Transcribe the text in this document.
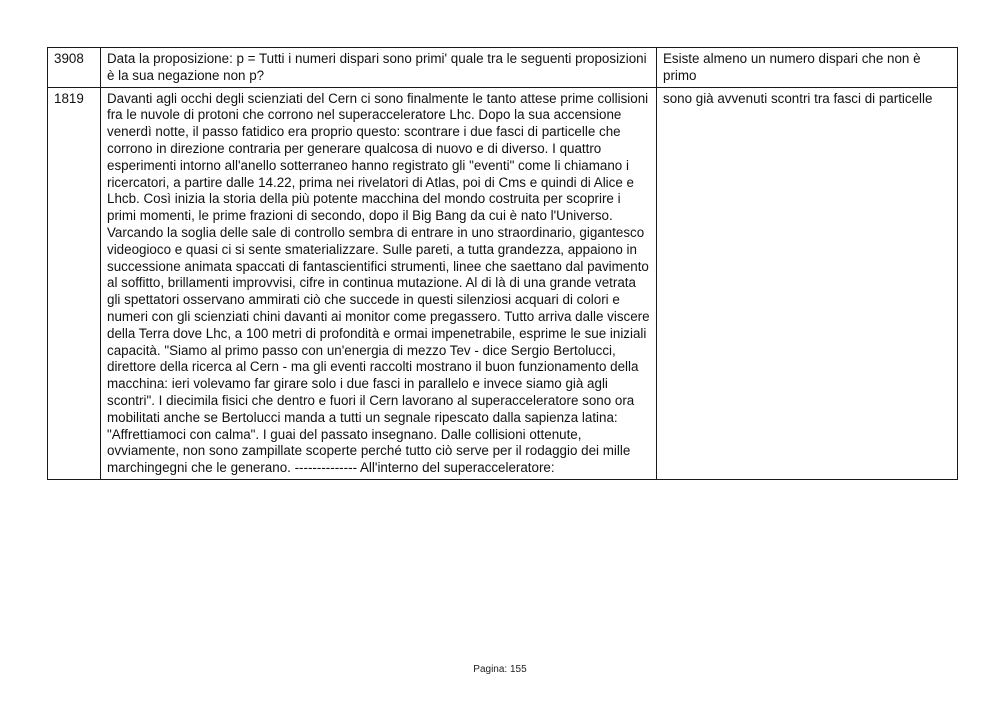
3908	Data la proposizione: p = Tutti i numeri dispari sono primi' quale tra le seguenti proposizioni è la sua negazione non p?	Esiste almeno un numero dispari che non è primo
1819	Davanti agli occhi degli scienziati del Cern ci sono finalmente le tanto attese prime collisioni fra le nuvole di protoni che corrono nel superacceleratore Lhc. Dopo la sua accensione venerdì notte, il passo fatidico era proprio questo: scontrare i due fasci di particelle che corrono in direzione contraria per generare qualcosa di nuovo e di diverso. I quattro esperimenti intorno all'anello sotterraneo hanno registrato gli "eventi" come li chiamano i ricercatori, a partire dalle 14.22, prima nei rivelatori di Atlas, poi di Cms e quindi di Alice e Lhcb. Così inizia la storia della più potente macchina del mondo costruita per scoprire i primi momenti, le prime frazioni di secondo, dopo il Big Bang da cui è nato l'Universo. Varcando la soglia delle sale di controllo sembra di entrare in uno straordinario, gigantesco videogioco e quasi ci si sente smaterializzare. Sulle pareti, a tutta grandezza, appaiono in successione animata spaccati di fantascientifici strumenti, linee che saettano dal pavimento al soffitto, brillamenti improvvisi, cifre in continua mutazione. Al di là di una grande vetrata gli spettatori osservano ammirati ciò che succede in questi silenziosi acquari di colori e numeri con gli scienziati chini davanti ai monitor come pregassero. Tutto arriva dalle viscere della Terra dove Lhc, a 100 metri di profondità e ormai impenetrabile, esprime le sue iniziali capacità. "Siamo al primo passo con un'energia di mezzo Tev - dice Sergio Bertolucci, direttore della ricerca al Cern - ma gli eventi raccolti mostrano il buon funzionamento della macchina: ieri volevamo far girare solo i due fasci in parallelo e invece siamo già agli scontri". I diecimila fisici che dentro e fuori il Cern lavorano al superacceleratore sono ora mobilitati anche se Bertolucci manda a tutti un segnale ripescato dalla sapienza latina: "Affrettiamoci con calma". I guai del passato insegnano. Dalle collisioni ottenute, ovviamente, non sono zampillate scoperte perché tutto ciò serve per il rodaggio dei mille marchingegni che le generano. -------------- All'interno del superacceleratore:	sono già avvenuti scontri tra fasci di particelle
Pagina: 155
